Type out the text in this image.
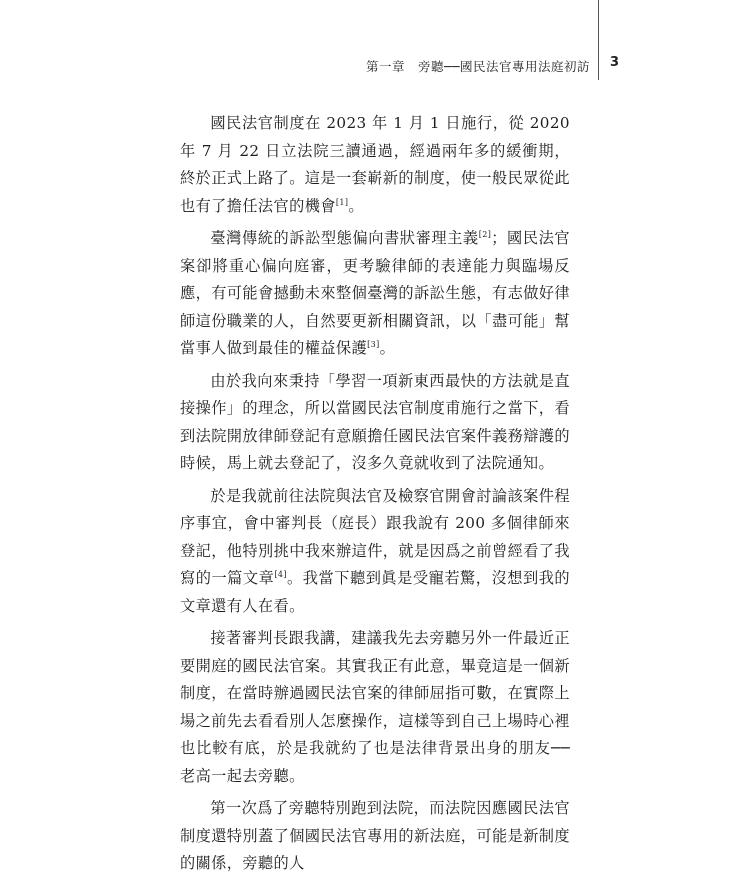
第一章　旁聽──國民法官專用法庭初訪 3

國民法官制度在 2023 年 1 月 1 日施行，從 2020 年 7 月 22 日立法院三讀通過，經過兩年多的緩衝期，終於正式上路了。這是一套嶄新的制度，使一般民眾從此也有了擔任法官的機會[1]。

臺灣傳統的訴訟型態偏向書狀審理主義[2]；國民法官案卻將重心偏向庭審，更考驗律師的表達能力與臨場反應，有可能會撼動未來整個臺灣的訴訟生態，有志做好律師這份職業的人，自然要更新相關資訊，以「盡可能」幫當事人做到最佳的權益保護[3]。

由於我向來秉持「學習一項新東西最快的方法就是直接操作」的理念，所以當國民法官制度甫施行之當下，看到法院開放律師登記有意願擔任國民法官案件義務辯護的時候，馬上就去登記了，沒多久竟就收到了法院通知。

於是我就前往法院與法官及檢察官開會討論該案件程序事宜，會中審判長（庭長）跟我說有 200 多個律師來登記，他特別挑中我來辦這件，就是因爲之前曾經看了我寫的一篇文章[4]。我當下聽到眞是受寵若驚，沒想到我的文章還有人在看。

接著審判長跟我講，建議我先去旁聽另外一件最近正要開庭的國民法官案。其實我正有此意，畢竟這是一個新制度，在當時辦過國民法官案的律師屈指可數，在實際上場之前先去看看別人怎麼操作，這樣等到自己上場時心裡也比較有底，於是我就約了也是法律背景出身的朋友──老高一起去旁聽。

第一次爲了旁聽特別跑到法院，而法院因應國民法官制度還特別蓋了個國民法官專用的新法庭，可能是新制度的關係，旁聽的人
